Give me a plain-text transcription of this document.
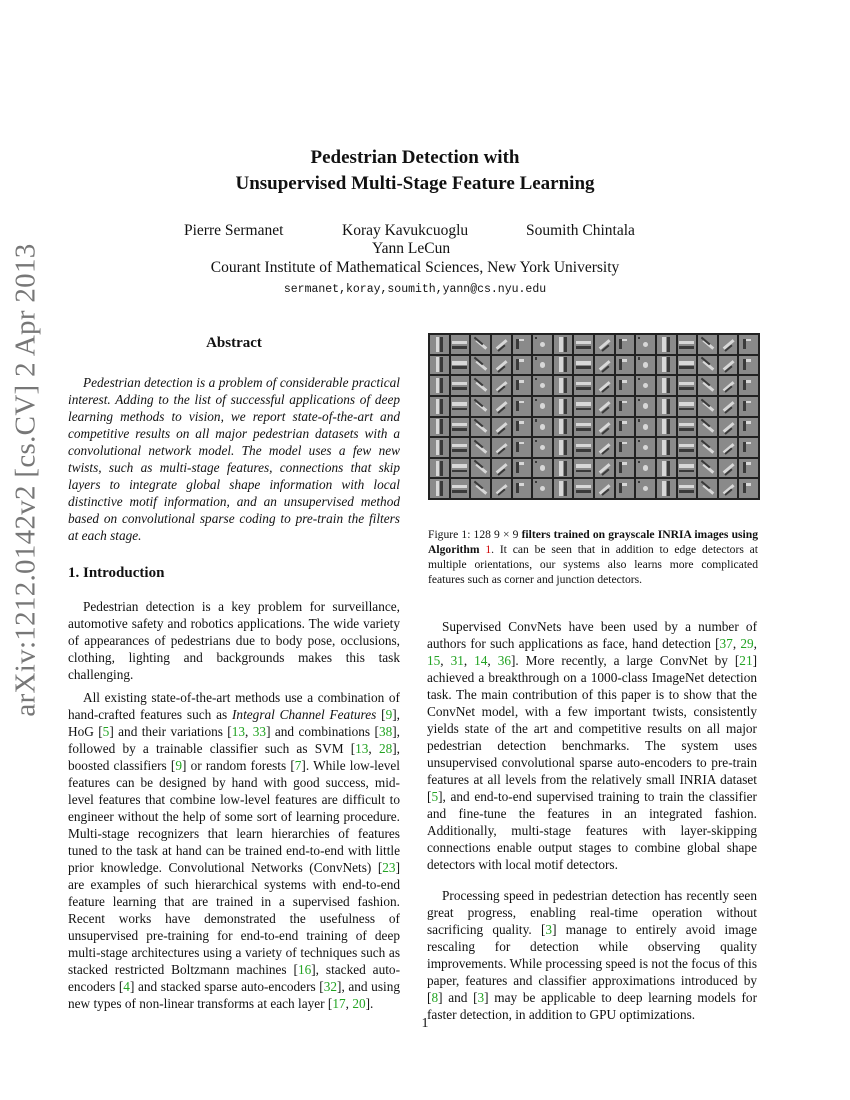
arXiv:1212.0142v2 [cs.CV] 2 Apr 2013
Pedestrian Detection with
Unsupervised Multi-Stage Feature Learning
Pierre Sermanet	Koray Kavukcuoglu	Soumith Chintala
Yann LeCun
Courant Institute of Mathematical Sciences, New York University
sermanet,koray,soumith,yann@cs.nyu.edu
Abstract

Pedestrian detection is a problem of considerable practical interest. Adding to the list of successful applications of deep learning methods to vision, we report state-of-the-art and competitive results on all major pedestrian datasets with a convolutional network model. The model uses a few new twists, such as multi-stage features, connections that skip layers to integrate global shape information with local distinctive motif information, and an unsupervised method based on convolutional sparse coding to pre-train the filters at each stage.

1. Introduction

Pedestrian detection is a key problem for surveillance, automotive safety and robotics applications. The wide variety of appearances of pedestrians due to body pose, occlusions, clothing, lighting and backgrounds makes this task challenging.

All existing state-of-the-art methods use a combination of hand-crafted features such as Integral Channel Features [9], HoG [5] and their variations [13, 33] and combinations [38], followed by a trainable classifier such as SVM [13, 28], boosted classifiers [9] or random forests [7]. While low-level features can be designed by hand with good success, mid-level features that combine low-level features are difficult to engineer without the help of some sort of learning procedure. Multi-stage recognizers that learn hierarchies of features tuned to the task at hand can be trained end-to-end with little prior knowledge. Convolutional Networks (ConvNets) [23] are examples of such hierarchical systems with end-to-end feature learning that are trained in a supervised fashion. Recent works have demonstrated the usefulness of unsupervised pre-training for end-to-end training of deep multi-stage architectures using a variety of techniques such as stacked restricted Boltzmann machines [16], stacked auto-encoders [4] and stacked sparse auto-encoders [32], and using new types of non-linear transforms at each layer [17, 20].

Figure 1: 128 9 × 9 filters trained on grayscale INRIA images using Algorithm 1. It can be seen that in addition to edge detectors at multiple orientations, our systems also learns more complicated features such as corner and junction detectors.

Supervised ConvNets have been used by a number of authors for such applications as face, hand detection [37, 29, 15, 31, 14, 36]. More recently, a large ConvNet by [21] achieved a breakthrough on a 1000-class ImageNet detection task. The main contribution of this paper is to show that the ConvNet model, with a few important twists, consistently yields state of the art and competitive results on all major pedestrian detection benchmarks. The system uses unsupervised convolutional sparse auto-encoders to pre-train features at all levels from the relatively small INRIA dataset [5], and end-to-end supervised training to train the classifier and fine-tune the features in an integrated fashion. Additionally, multi-stage features with layer-skipping connections enable output stages to combine global shape detectors with local motif detectors.

Processing speed in pedestrian detection has recently seen great progress, enabling real-time operation without sacrificing quality. [3] manage to entirely avoid image rescaling for detection while observing quality improvements. While processing speed is not the focus of this paper, features and classifier approximations introduced by [8] and [3] may be applicable to deep learning models for faster detection, in addition to GPU optimizations.

1
